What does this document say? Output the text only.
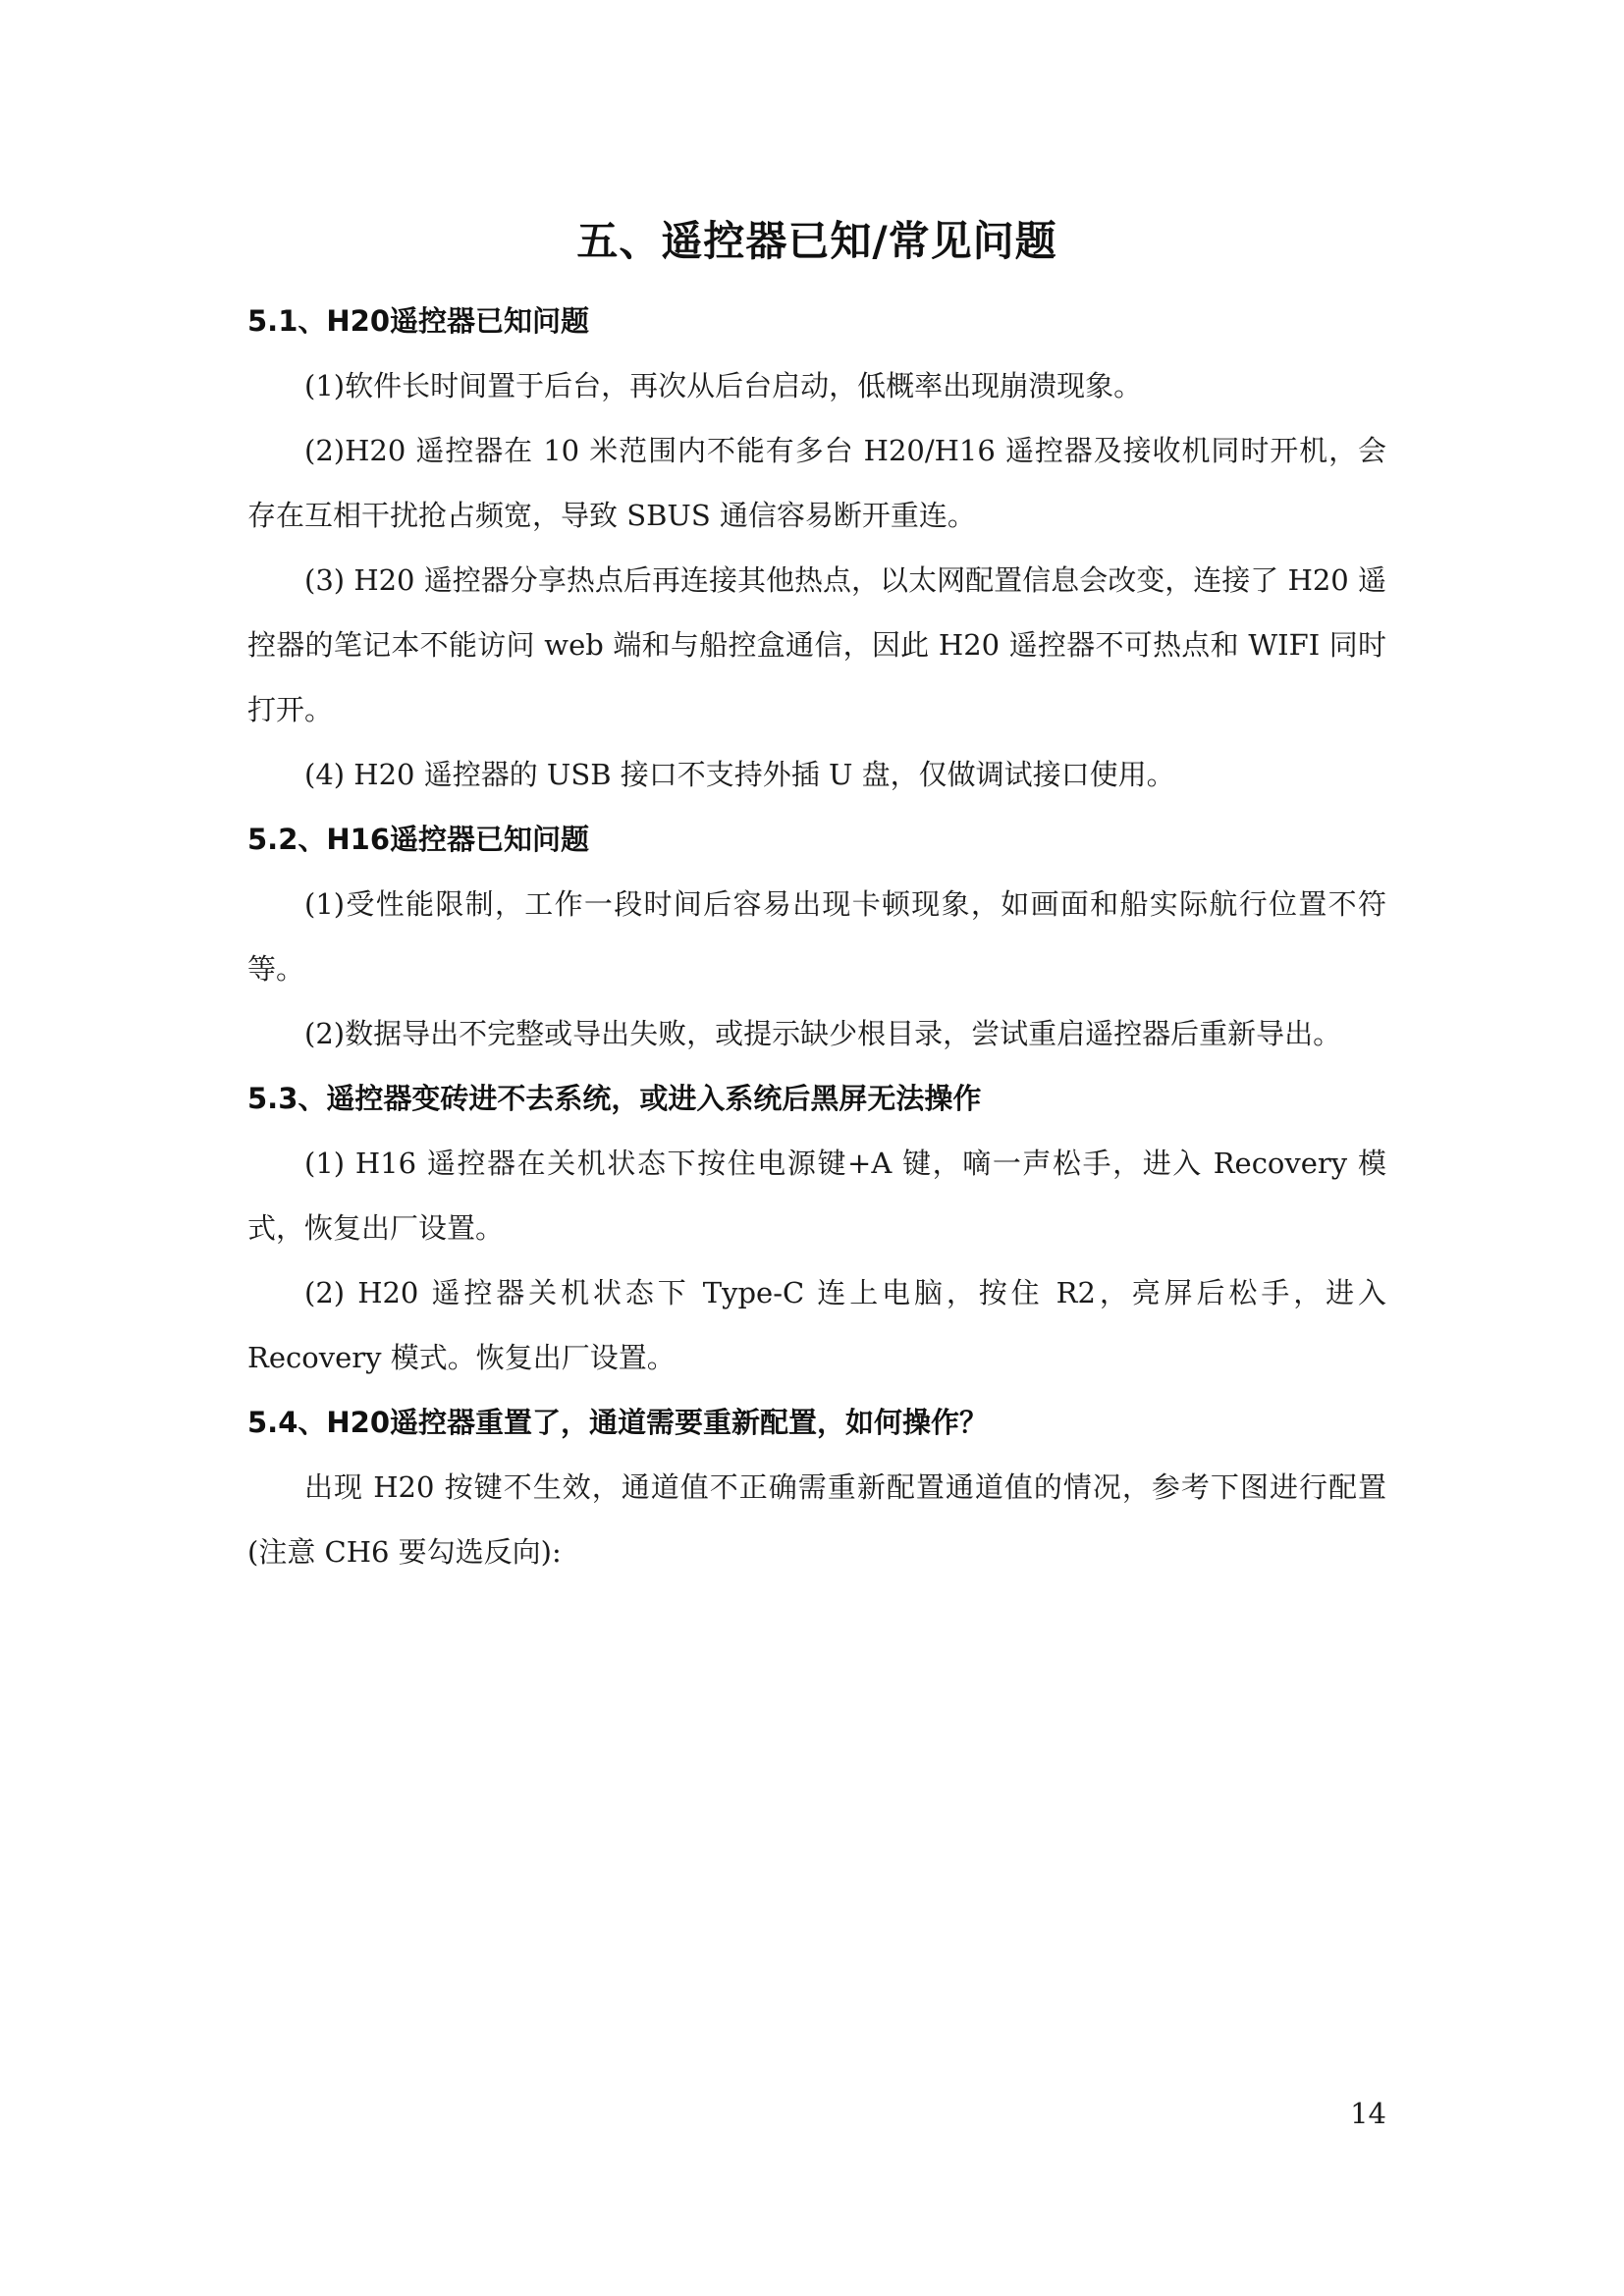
五、遥控器已知/常见问题
5.1、H20遥控器已知问题

(1)软件长时间置于后台，再次从后台启动，低概率出现崩溃现象。

(2)H20 遥控器在 10 米范围内不能有多台 H20/H16 遥控器及接收机同时开机，会存在互相干扰抢占频宽，导致 SBUS 通信容易断开重连。

(3) H20 遥控器分享热点后再连接其他热点，以太网配置信息会改变，连接了 H20 遥控器的笔记本不能访问 web 端和与船控盒通信，因此 H20 遥控器不可热点和 WIFI 同时打开。

(4) H20 遥控器的 USB 接口不支持外插 U 盘，仅做调试接口使用。

5.2、H16遥控器已知问题

(1)受性能限制，工作一段时间后容易出现卡顿现象，如画面和船实际航行位置不符等。

(2)数据导出不完整或导出失败，或提示缺少根目录，尝试重启遥控器后重新导出。

5.3、遥控器变砖进不去系统，或进入系统后黑屏无法操作

(1) H16 遥控器在关机状态下按住电源键+A 键，嘀一声松手，进入 Recovery 模式，恢复出厂设置。

(2) H20 遥控器关机状态下 Type-C 连上电脑，按住 R2，亮屏后松手，进入 Recovery 模式。恢复出厂设置。

5.4、H20遥控器重置了，通道需要重新配置，如何操作？

出现 H20 按键不生效，通道值不正确需重新配置通道值的情况，参考下图进行配置(注意 CH6 要勾选反向):

14
